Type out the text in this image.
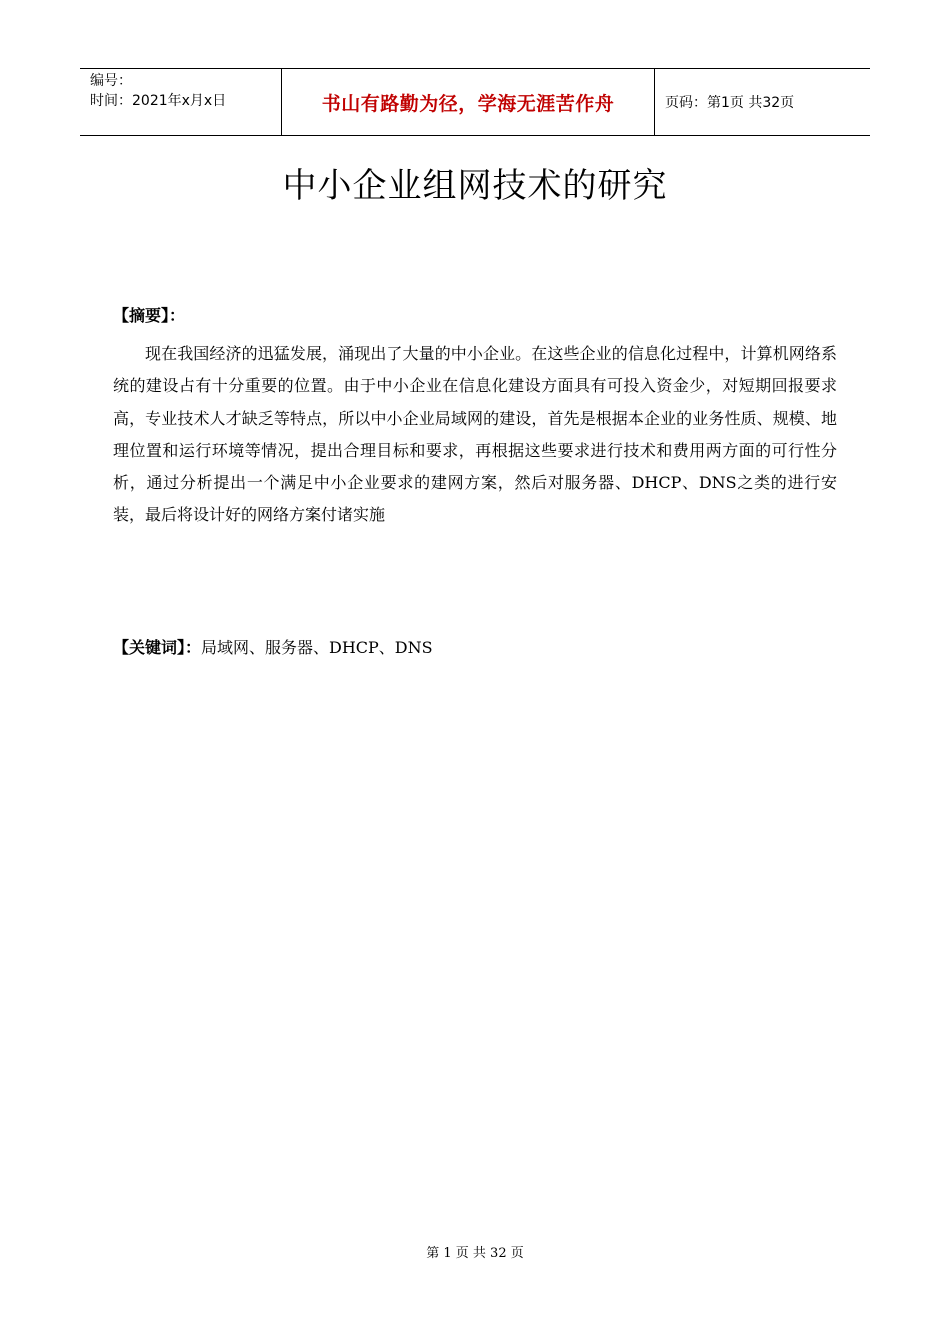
编号：
时间：2021年x月x日	书山有路勤为径，学海无涯苦作舟	页码：第1页 共32页
中小企业组网技术的研究
【摘要】：

现在我国经济的迅猛发展，涌现出了大量的中小企业。在这些企业的信息化过程中，计算机网络系统的建设占有十分重要的位置。由于中小企业在信息化建设方面具有可投入资金少，对短期回报要求高，专业技术人才缺乏等特点，所以中小企业局域网的建设，首先是根据本企业的业务性质、规模、地理位置和运行环境等情况，提出合理目标和要求，再根据这些要求进行技术和费用两方面的可行性分析，通过分析提出一个满足中小企业要求的建网方案，然后对服务器、DHCP、DNS之类的进行安装，最后将设计好的网络方案付诸实施

【关键词】：局域网、服务器、DHCP、DNS
第 1 页 共 32 页
